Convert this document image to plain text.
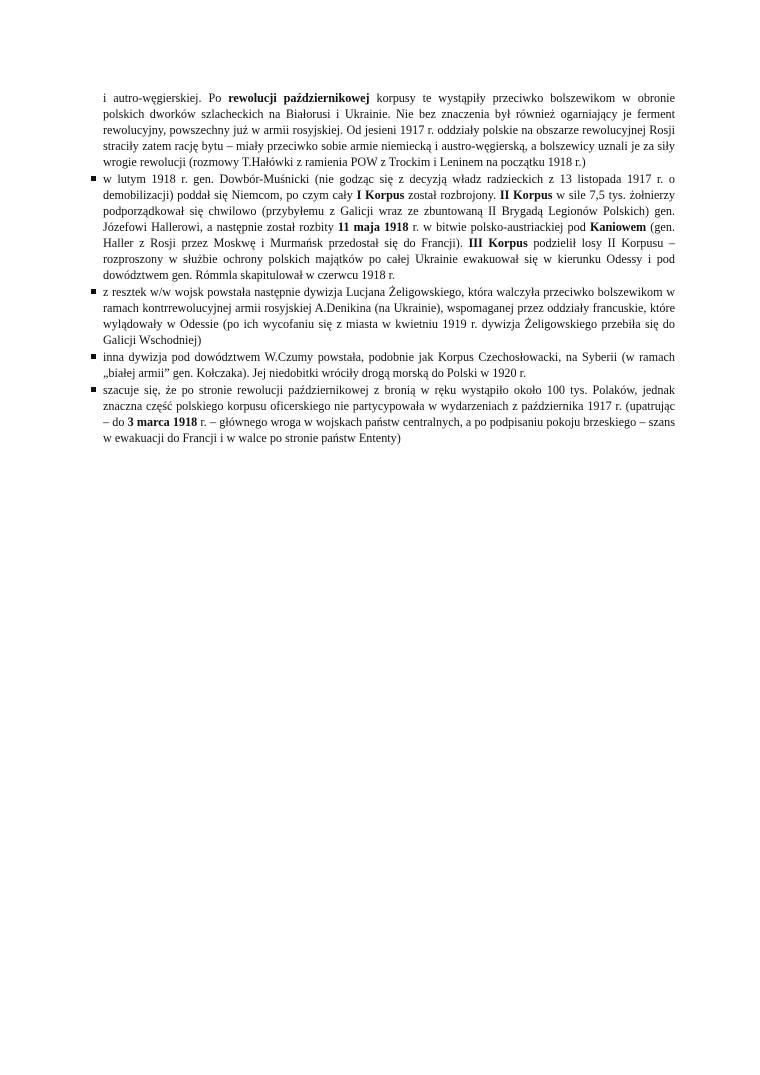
i autro-węgierskiej. Po rewolucji październikowej korpusy te wystąpiły przeciwko bolszewikom w obronie polskich dworków szlacheckich na Białorusi i Ukrainie. Nie bez znaczenia był również ogarniający je ferment rewolucyjny, powszechny już w armii rosyjskiej. Od jesieni 1917 r. oddziały polskie na obszarze rewolucyjnej Rosji straciły zatem rację bytu – miały przeciwko sobie armie niemiecką i austro-węgierską, a bolszewicy uznali je za siły wrogie rewolucji (rozmowy T.Hałówki z ramienia POW z Trockim i Leninem na początku 1918 r.)

w lutym 1918 r. gen. Dowbór-Muśnicki (nie godząc się z decyzją władz radzieckich z 13 listopada 1917 r. o demobilizacji) poddał się Niemcom, po czym cały I Korpus został rozbrojony. II Korpus w sile 7,5 tys. żołnierzy podporządkował się chwilowo (przybyłemu z Galicji wraz ze zbuntowaną II Brygadą Legionów Polskich) gen. Józefowi Hallerowi, a następnie został rozbity 11 maja 1918 r. w bitwie polsko-austriackiej pod Kaniowem (gen. Haller z Rosji przez Moskwę i Murmańsk przedostał się do Francji). III Korpus podzielił losy II Korpusu – rozproszony w służbie ochrony polskich majątków po całej Ukrainie ewakuował się w kierunku Odessy i pod dowództwem gen. Rómmla skapitulował w czerwcu 1918 r.
z resztek w/w wojsk powstała następnie dywizja Lucjana Żeligowskiego, która walczyła przeciwko bolszewikom w ramach kontrrewolucyjnej armii rosyjskiej A.Denikina (na Ukrainie), wspomaganej przez oddziały francuskie, które wylądowały w Odessie (po ich wycofaniu się z miasta w kwietniu 1919 r. dywizja Żeligowskiego przebiła się do Galicji Wschodniej)
inna dywizja pod dowództwem W.Czumy powstała, podobnie jak Korpus Czechosłowacki, na Syberii (w ramach „białej armii” gen. Kołczaka). Jej niedobitki wróciły drogą morską do Polski w 1920 r.
szacuje się, że po stronie rewolucji październikowej z bronią w ręku wystąpiło około 100 tys. Polaków, jednak znaczna część polskiego korpusu oficerskiego nie partycypowała w wydarzeniach z października 1917 r. (upatrując – do 3 marca 1918 r. – głównego wroga w wojskach państw centralnych, a po podpisaniu pokoju brzeskiego – szans w ewakuacji do Francji i w walce po stronie państw Ententy)
